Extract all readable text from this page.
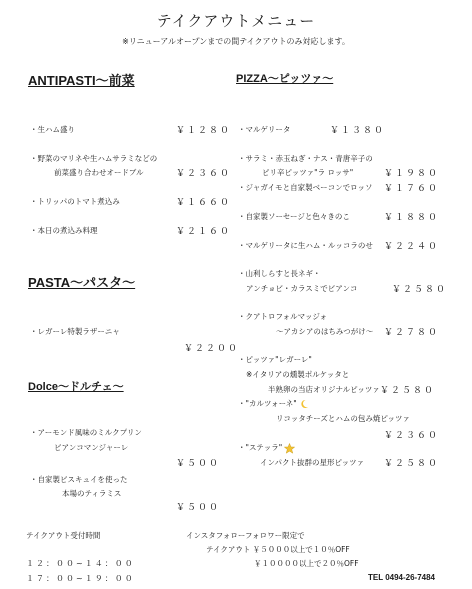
テイクアウトメニュー
※リニューアルオープンまでの間テイクアウトのみ対応します。
ANTIPASTI～前菜
・生ハム盛り	￥１２８０
・野菜のマリネや生ハムサラミなどの
前菜盛り合わせオードブル	￥２３６０
・トリッパのトマト煮込み	￥１６６０
・本日の煮込み料理	￥２１６０
PASTA～パスタ～
・レガーレ特製ラザーニャ
￥２２００
Dolce～ドルチェ～
・アーモンド風味のミルクプリン
ビアンコマンジャーレ
￥５００
・自家製ビスキュイを使った
本場のティラミス
￥５００
PIZZA～ピッツァ～
・マルゲリータ	￥１３８０
・サラミ・赤玉ねぎ・ナス・青唐辛子の
ピリ辛ピッツァ"ラ ロッサ"	￥１９８０
・ジャガイモと自家製ベーコンでロッソ ￥１７６０
・自家製ソーセージと色々きのこ	￥１８８０
・マルゲリータに生ハム・ルッコラのせ ￥２２４０
・山利しらすと長ネギ・
アンチョビ・カラスミでビアンコ	￥２５８０
・クアトロフォルマッジォ
～アカシアのはちみつがけ～ ￥２７８０
・ピッツァ"レガーレ"
※イタリアの燻製ポルケッタと
半熟卵の当店オリジナルピッツァ ￥２５８０
・"カルツォーネ"
リコッタチーズとハムの包み焼ピッツァ
￥２３６０
・"ステッラ"
インパクト抜群の星形ピッツァ ￥２５８０
テイクアウト受付時間
１２：００~１４：００
１７：００~１９：００
インスタフォローフォロワー限定で
テイクアウト ￥５０００以上で１０％OFF
￥１００００以上で２０％OFF
TEL 0494-26-7484
